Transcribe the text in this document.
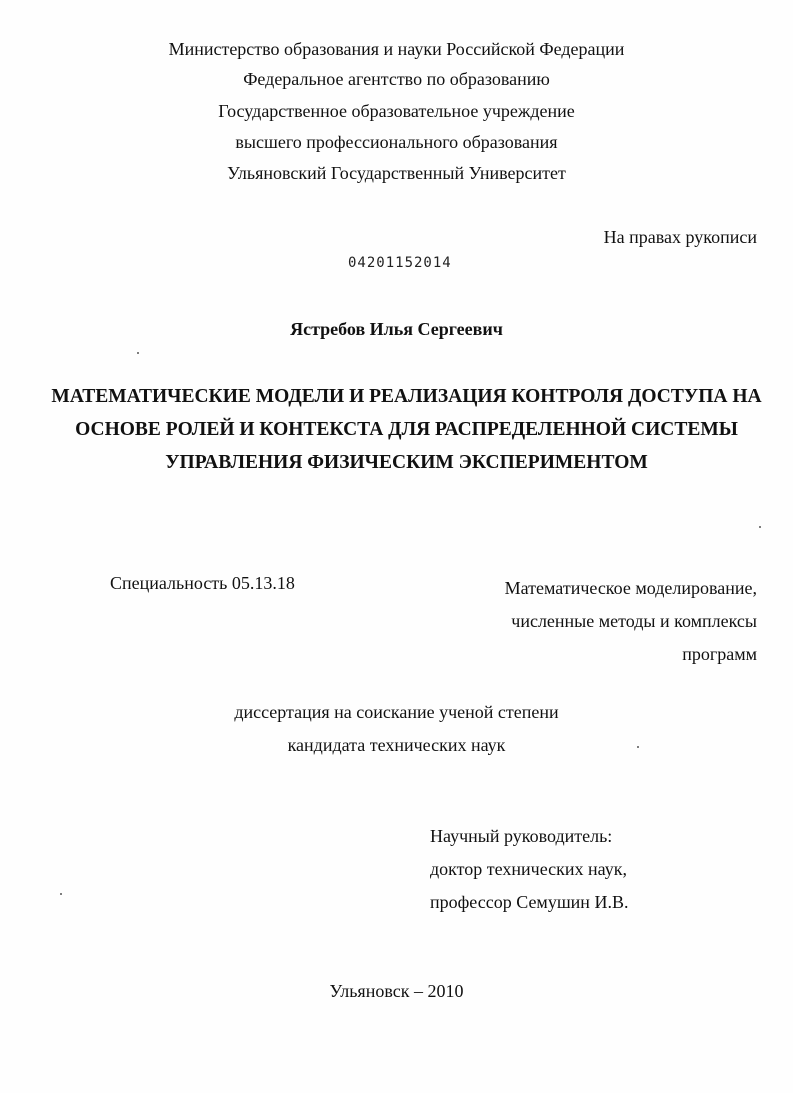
Министерство образования и науки Российской Федерации
Федеральное агентство по образованию
Государственное образовательное учреждение
высшего профессионального образования
Ульяновский Государственный Университет
На правах рукописи
04201152014
Ястребов Илья Сергеевич
МАТЕМАТИЧЕСКИЕ МОДЕЛИ И РЕАЛИЗАЦИЯ КОНТРОЛЯ ДОСТУПА НА
ОСНОВЕ РОЛЕЙ И КОНТЕКСТА ДЛЯ РАСПРЕДЕЛЕННОЙ СИСТЕМЫ
УПРАВЛЕНИЯ ФИЗИЧЕСКИМ ЭКСПЕРИМЕНТОМ
Специальность 05.13.18	Математическое моделирование,
численные методы и комплексы
программ
диссертация на соискание ученой степени
кандидата технических наук
Научный руководитель:
доктор технических наук,
профессор Семушин И.В.
Ульяновск – 2010
